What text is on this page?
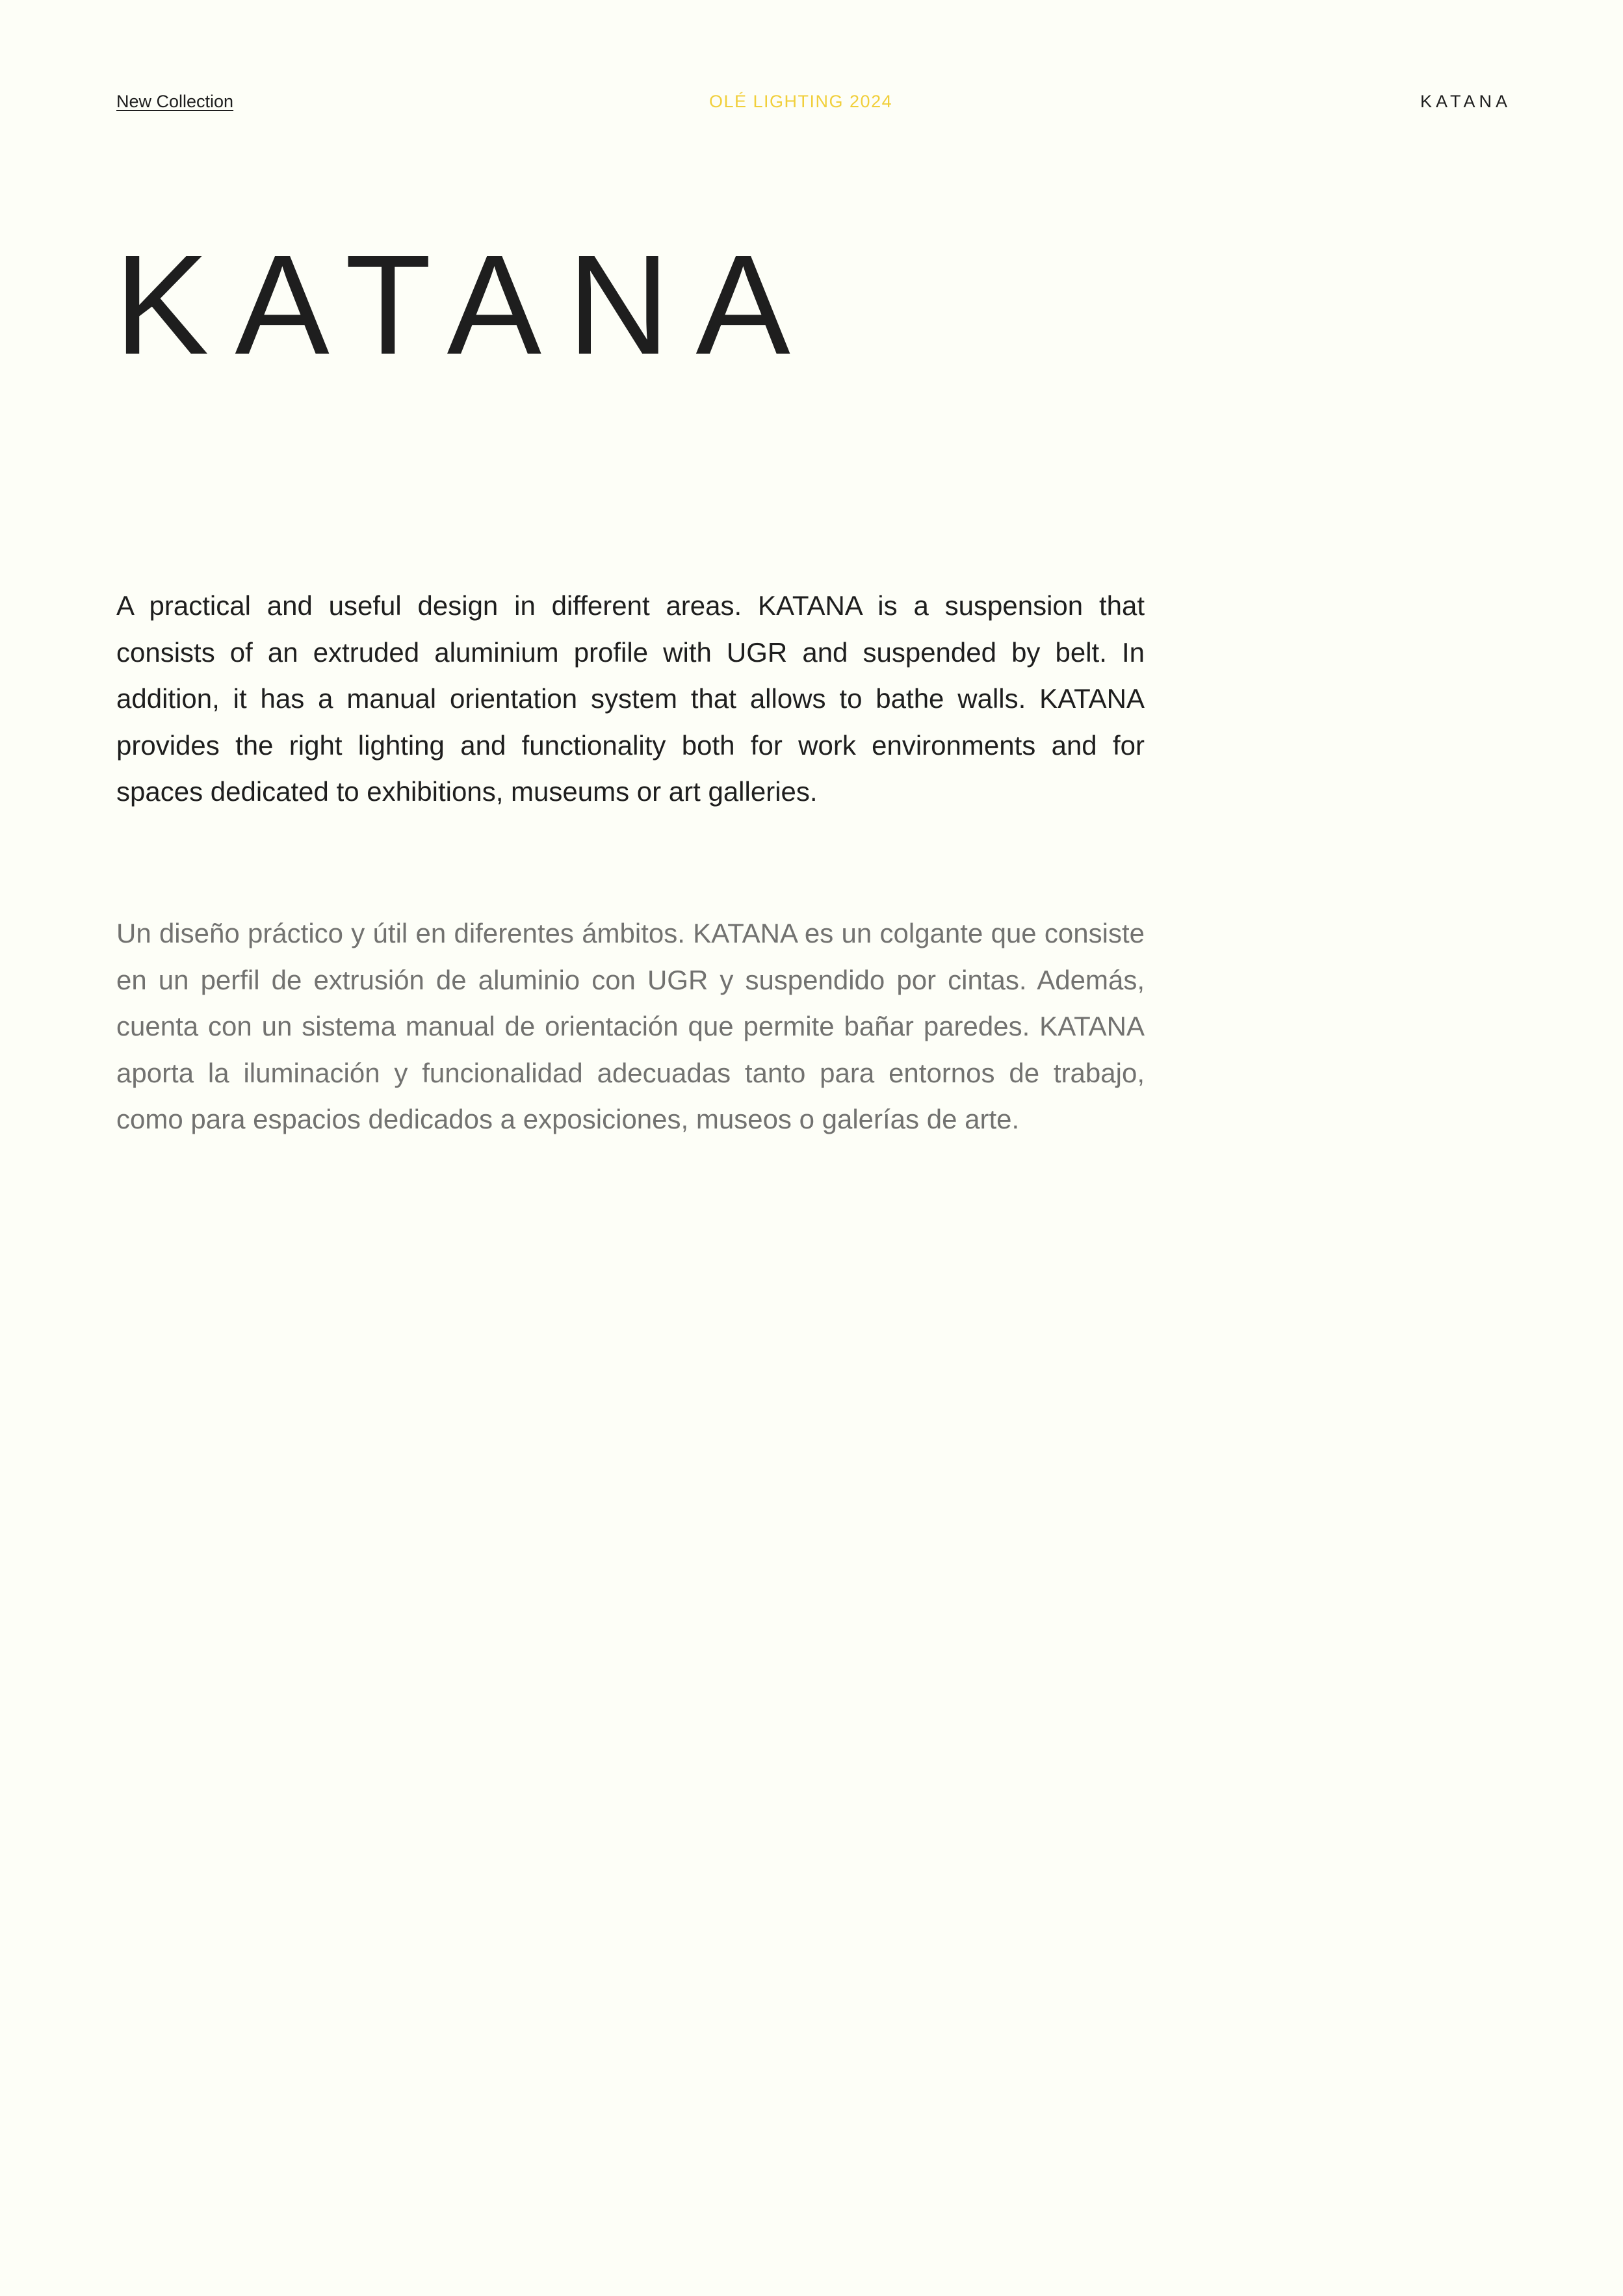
New Collection	OLÉ LIGHTING 2024	KATANA
KATANA

A practical and useful design in different areas. KATANA is a suspension that consists of an extruded aluminium profile with UGR and suspended by belt. In addition, it has a manual orientation system that allows to bathe walls. KATANA provides the right lighting and functionality both for work environments and for spaces dedicated to exhibitions, museums or art galleries.

Un diseño práctico y útil en diferentes ámbitos. KATANA es un colgante que consiste en un perfil de extrusión de aluminio con UGR y suspendido por cintas. Además, cuenta con un sistema manual de orientación que permite bañar paredes. KATANA aporta la iluminación y funcionalidad adecuadas tanto para entornos de trabajo, como para espacios dedicados a exposiciones, museos o galerías de arte.
